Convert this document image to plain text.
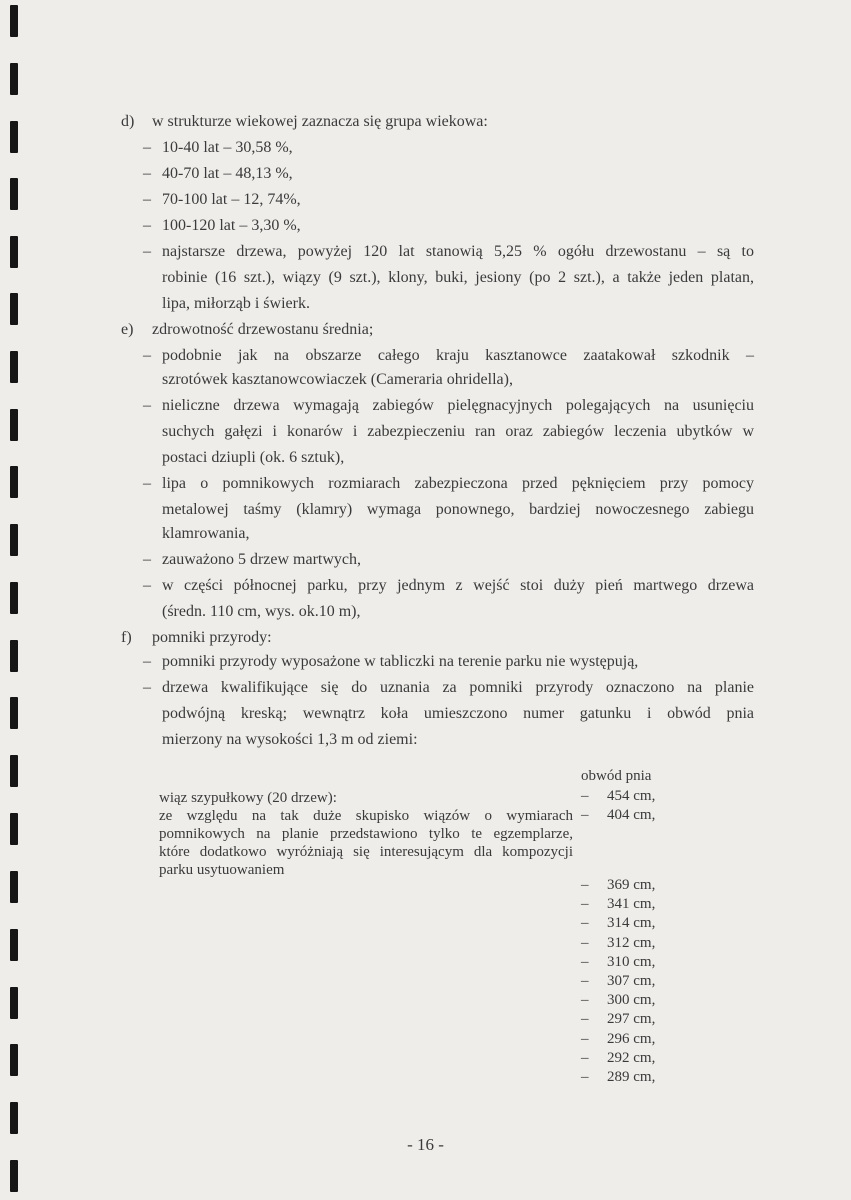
d) w strukturze wiekowej zaznacza się grupa wiekowa:
– 10-40 lat – 30,58 %,
– 40-70 lat – 48,13 %,
– 70-100 lat – 12, 74%,
– 100-120 lat – 3,30 %,
– najstarsze drzewa, powyżej 120 lat stanowią 5,25 % ogółu drzewostanu – są to
robinie (16 szt.), wiązy (9 szt.), klony, buki, jesiony (po 2 szt.), a także jeden platan,
lipa, miłorząb i świerk.
e) zdrowotność drzewostanu średnia;
– podobnie jak na obszarze całego kraju kasztanowce zaatakował szkodnik –
szrotówek kasztanowcowiaczek (Cameraria ohridella),
– nieliczne drzewa wymagają zabiegów pielęgnacyjnych polegających na usunięciu
suchych gałęzi i konarów i zabezpieczeniu ran oraz zabiegów leczenia ubytków w
postaci dziupli (ok. 6 sztuk),
– lipa o pomnikowych rozmiarach zabezpieczona przed pęknięciem przy pomocy
metalowej taśmy (klamry) wymaga ponownego, bardziej nowoczesnego zabiegu
klamrowania,
– zauważono 5 drzew martwych,
– w części północnej parku, przy jednym z wejść stoi duży pień martwego drzewa
(średn. 110 cm, wys. ok.10 m),
f) pomniki przyrody:
– pomniki przyrody wyposażone w tabliczki na terenie parku nie występują,
– drzewa kwalifikujące się do uznania za pomniki przyrody oznaczono na planie
podwójną kreską; wewnątrz koła umieszczono numer gatunku i obwód pnia
mierzony na wysokości 1,3 m od ziemi:
obwód pnia
wiąz szypułkowy (20 drzew):
ze względu na tak duże skupisko wiązów o wymiarach
pomnikowych na planie przedstawiono tylko te egzemplarze,
które dodatkowo wyróżniają się interesującym dla kompozycji
parku usytuowaniem
– 454 cm,
– 404 cm,
– 369 cm,
– 341 cm,
– 314 cm,
– 312 cm,
– 310 cm,
– 307 cm,
– 300 cm,
– 297 cm,
– 296 cm,
– 292 cm,
– 289 cm,
- 16 -
